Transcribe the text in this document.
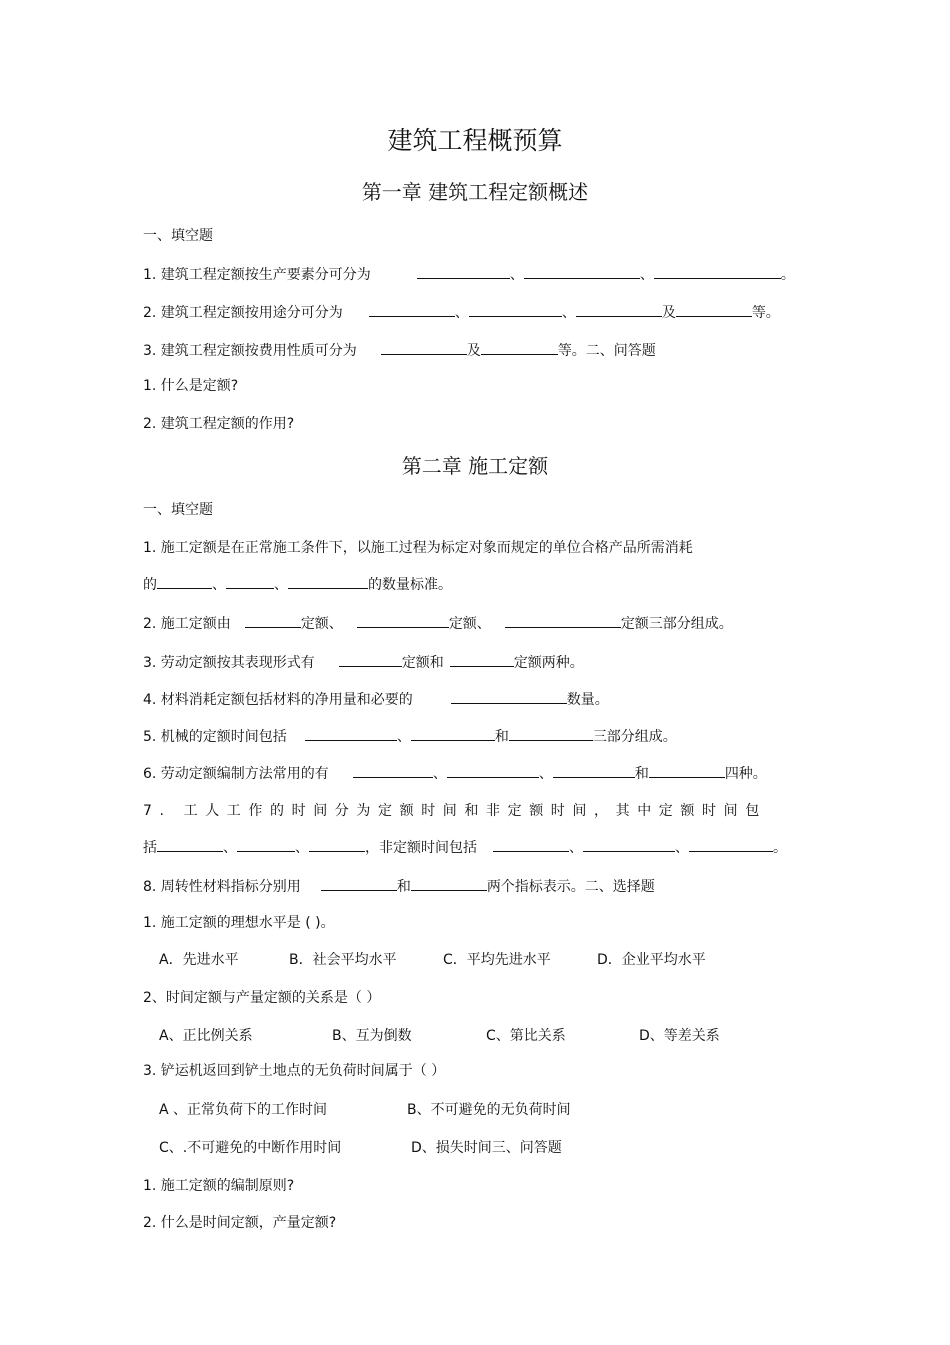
建筑工程概预算
第一章 建筑工程定额概述
一、填空题
1. 建筑工程定额按生产要素分可分为	、	、	。
2. 建筑工程定额按用途分可分为	、	、	及	等。
3. 建筑工程定额按费用性质可分为	及	等。二、问答题
1. 什么是定额?
2. 建筑工程定额的作用?
第二章 施工定额
一、填空题
1. 施工定额是在正常施工条件下，以施工过程为标定对象而规定的单位合格产品所需消耗
的	、	、	的数量标准。
2. 施工定额由	定额、	定额、	定额三部分组成。
3. 劳动定额按其表现形式有	定额和	定额两种。
4. 材料消耗定额包括材料的净用量和必要的	数量。
5. 机械的定额时间包括	、	和	三部分组成。
6. 劳动定额编制方法常用的有	、	、	和	四种。
7. 工人工作的时间分为定额时间和非定额时间，其中定额时间包
括	、	、	，非定额时间包括	、	、	。
8. 周转性材料指标分别用	和	两个指标表示。二、选择题
1. 施工定额的理想水平是 ( )。
A．先进水平	B．社会平均水平	C．平均先进水平	D．企业平均水平
2、时间定额与产量定额的关系是（ ）
A、正比例关系	B、互为倒数	C、第比关系	D、等差关系
3. 铲运机返回到铲土地点的无负荷时间属于（ ）
A 、正常负荷下的工作时间	B、不可避免的无负荷时间
C、.不可避免的中断作用时间	D、损失时间三、问答题
1. 施工定额的编制原则?
2. 什么是时间定额，产量定额?
